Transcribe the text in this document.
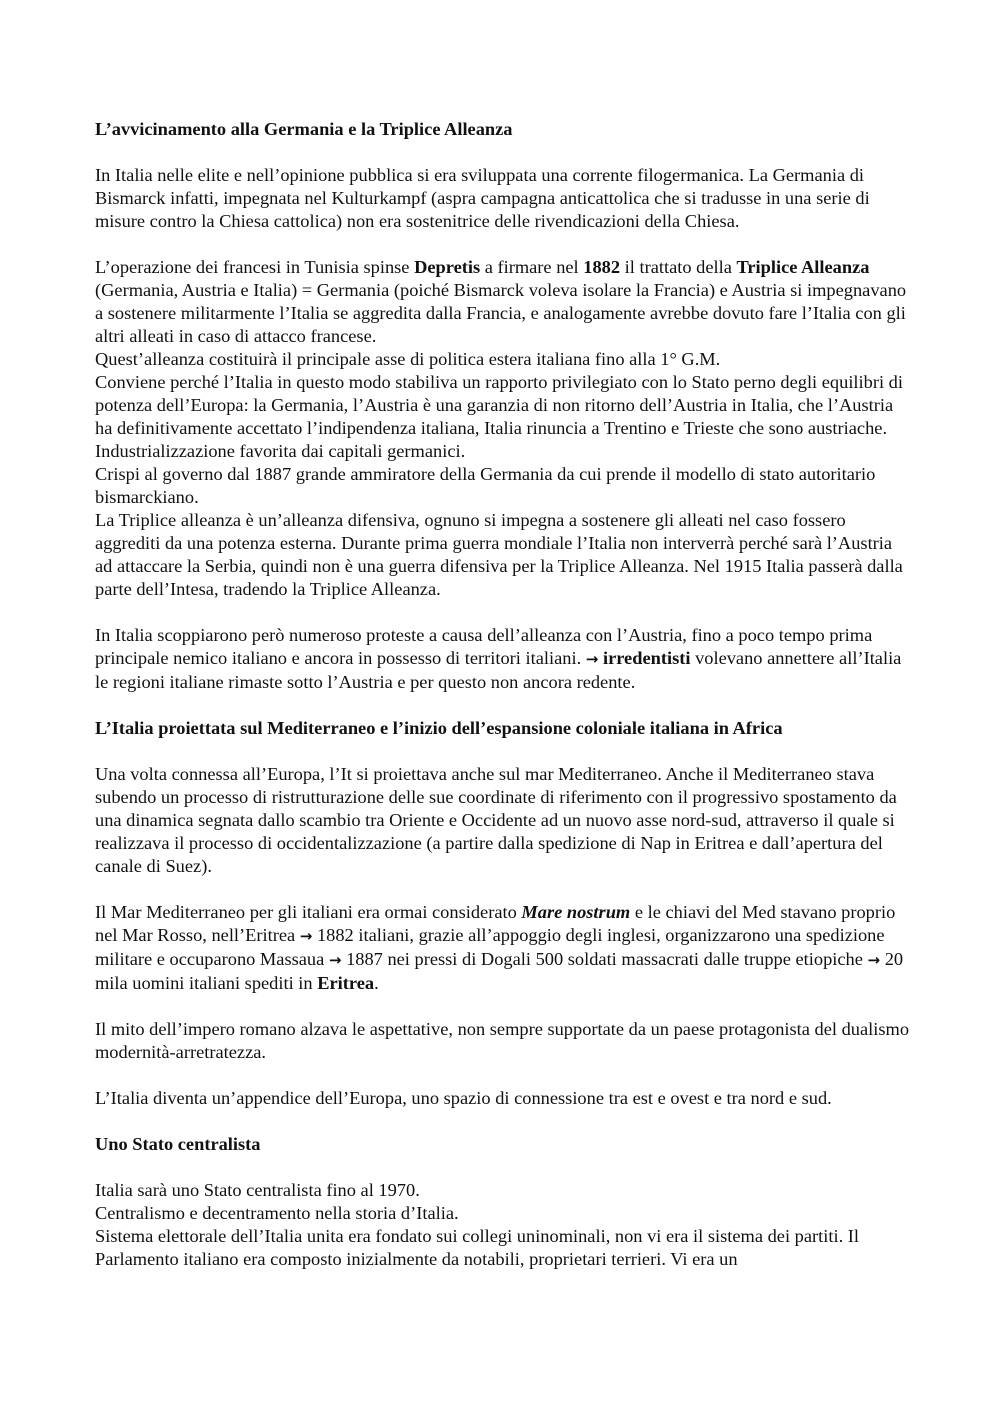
L’avvicinamento alla Germania e la Triplice Alleanza

In Italia nelle elite e nell’opinione pubblica si era sviluppata una corrente filogermanica. La Germania di Bismarck infatti, impegnata nel Kulturkampf (aspra campagna anticattolica che si tradusse in una serie di misure contro la Chiesa cattolica) non era sostenitrice delle rivendicazioni della Chiesa.

L’operazione dei francesi in Tunisia spinse Depretis a firmare nel 1882 il trattato della Triplice Alleanza (Germania, Austria e Italia) = Germania (poiché Bismarck voleva isolare la Francia) e Austria si impegnavano a sostenere militarmente l’Italia se aggredita dalla Francia, e analogamente avrebbe dovuto fare l’Italia con gli altri alleati in caso di attacco francese.

Quest’alleanza costituirà il principale asse di politica estera italiana fino alla 1° G.M.

Conviene perché l’Italia in questo modo stabiliva un rapporto privilegiato con lo Stato perno degli equilibri di potenza dell’Europa: la Germania, l’Austria è una garanzia di non ritorno dell’Austria in Italia, che l’Austria ha definitivamente accettato l’indipendenza italiana, Italia rinuncia a Trentino e Trieste che sono austriache. Industrializzazione favorita dai capitali germanici.

Crispi al governo dal 1887 grande ammiratore della Germania da cui prende il modello di stato autoritario bismarckiano.

La Triplice alleanza è un’alleanza difensiva, ognuno si impegna a sostenere gli alleati nel caso fossero aggrediti da una potenza esterna. Durante prima guerra mondiale l’Italia non interverrà perché sarà l’Austria ad attaccare la Serbia, quindi non è una guerra difensiva per la Triplice Alleanza. Nel 1915 Italia passerà dalla parte dell’Intesa, tradendo la Triplice Alleanza.

In Italia scoppiarono però numeroso proteste a causa dell’alleanza con l’Austria, fino a poco tempo prima principale nemico italiano e ancora in possesso di territori italiani. → irredentisti volevano annettere all’Italia le regioni italiane rimaste sotto l’Austria e per questo non ancora redente.

L’Italia proiettata sul Mediterraneo e l’inizio dell’espansione coloniale italiana in Africa

Una volta connessa all’Europa, l’It si proiettava anche sul mar Mediterraneo. Anche il Mediterraneo stava subendo un processo di ristrutturazione delle sue coordinate di riferimento con il progressivo spostamento da una dinamica segnata dallo scambio tra Oriente e Occidente ad un nuovo asse nord-sud, attraverso il quale si realizzava il processo di occidentalizzazione (a partire dalla spedizione di Nap in Eritrea e dall’apertura del canale di Suez).

Il Mar Mediterraneo per gli italiani era ormai considerato Mare nostrum e le chiavi del Med stavano proprio nel Mar Rosso, nell’Eritrea → 1882 italiani, grazie all’appoggio degli inglesi, organizzarono una spedizione militare e occuparono Massaua → 1887 nei pressi di Dogali 500 soldati massacrati dalle truppe etiopiche → 20 mila uomini italiani spediti in Eritrea.

Il mito dell’impero romano alzava le aspettative, non sempre supportate da un paese protagonista del dualismo modernità-arretratezza.

L’Italia diventa un’appendice dell’Europa, uno spazio di connessione tra est e ovest e tra nord e sud.

Uno Stato centralista

Italia sarà uno Stato centralista fino al 1970.

Centralismo e decentramento nella storia d’Italia.

Sistema elettorale dell’Italia unita era fondato sui collegi uninominali, non vi era il sistema dei partiti. Il Parlamento italiano era composto inizialmente da notabili, proprietari terrieri. Vi era un
